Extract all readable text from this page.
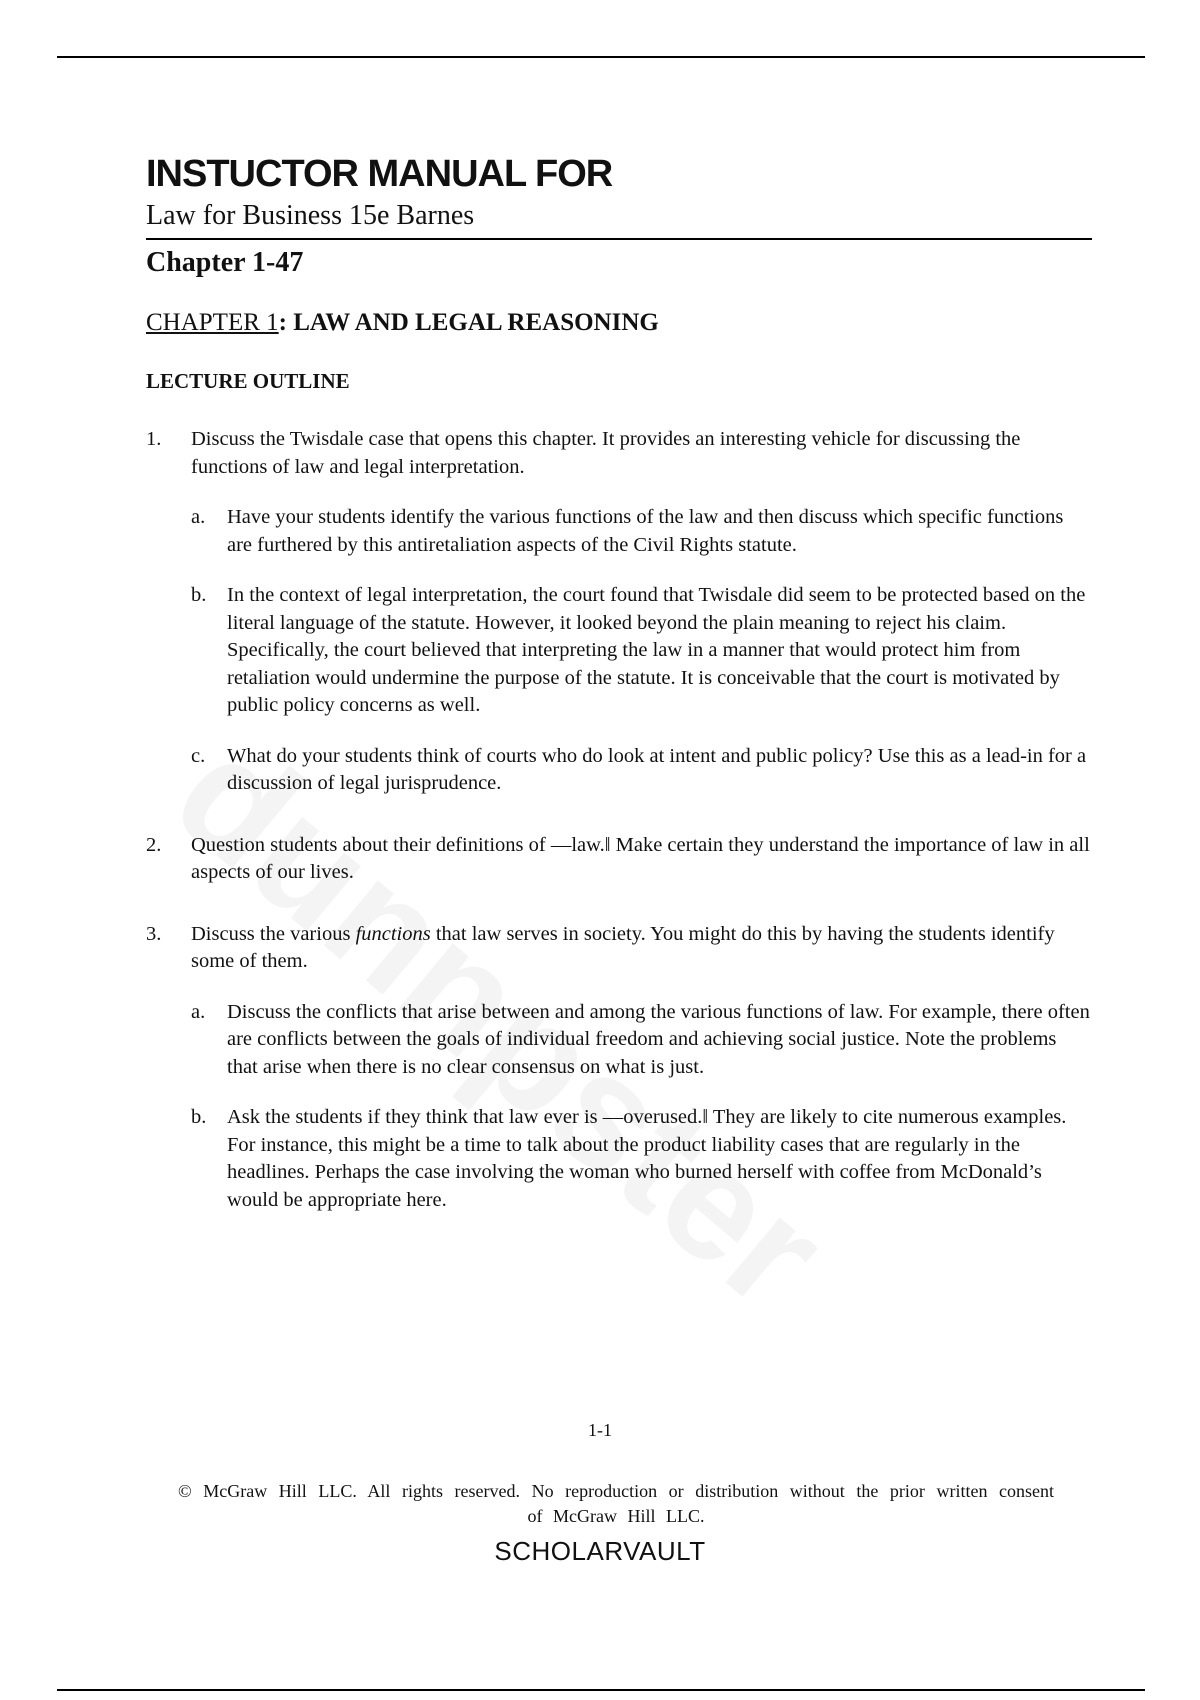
INSTUCTOR MANUAL FOR
Law for Business 15e Barnes
Chapter 1-47
CHAPTER 1: LAW AND LEGAL REASONING
LECTURE OUTLINE
1. Discuss the Twisdale case that opens this chapter. It provides an interesting vehicle for discussing the functions of law and legal interpretation.
a. Have your students identify the various functions of the law and then discuss which specific functions are furthered by this antiretaliation aspects of the Civil Rights statute.
b. In the context of legal interpretation, the court found that Twisdale did seem to be protected based on the literal language of the statute. However, it looked beyond the plain meaning to reject his claim. Specifically, the court believed that interpreting the law in a manner that would protect him from retaliation would undermine the purpose of the statute. It is conceivable that the court is motivated by public policy concerns as well.
c. What do your students think of courts who do look at intent and public policy? Use this as a lead-in for a discussion of legal jurisprudence.
2. Question students about their definitions of ―law.‖ Make certain they understand the importance of law in all aspects of our lives.
3. Discuss the various functions that law serves in society. You might do this by having the students identify some of them.
a. Discuss the conflicts that arise between and among the various functions of law. For example, there often are conflicts between the goals of individual freedom and achieving social justice. Note the problems that arise when there is no clear consensus on what is just.
b. Ask the students if they think that law ever is ―overused.‖ They are likely to cite numerous examples. For instance, this might be a time to talk about the product liability cases that are regularly in the headlines. Perhaps the case involving the woman who burned herself with coffee from McDonald’s would be appropriate here.
1-1
© McGraw Hill LLC. All rights reserved. No reproduction or distribution without the prior written consent of McGraw Hill LLC.
SCHOLARVAULT
